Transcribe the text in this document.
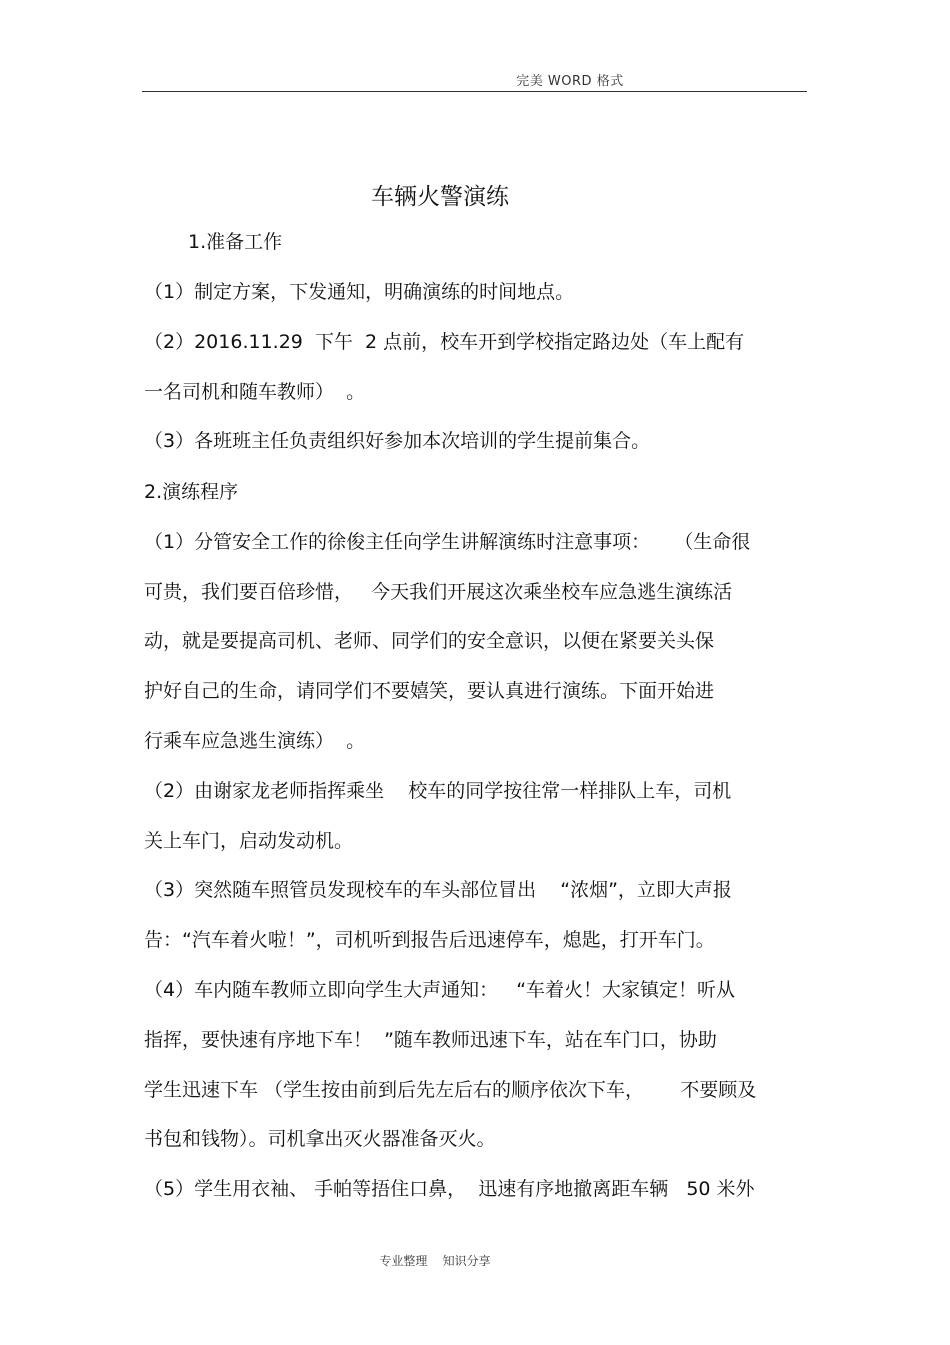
完美 WORD 格式
车辆火警演练
1.准备工作
（1）制定方案，下发通知，明确演练的时间地点。
（2）2016.11.29  下午  2 点前，校车开到学校指定路边处（车上配有
一名司机和随车教师）  。
（3）各班班主任负责组织好参加本次培训的学生提前集合。
2.演练程序
（1）分管安全工作的徐俊主任向学生讲解演练时注意事项：    （生命很
可贵，我们要百倍珍惜，   今天我们开展这次乘坐校车应急逃生演练活
动，就是要提高司机、老师、同学们的安全意识，以便在紧要关头保
护好自己的生命，请同学们不要嬉笑，要认真进行演练。下面开始进
行乘车应急逃生演练）  。
（2）由谢家龙老师指挥乘坐    校车的同学按往常一样排队上车，司机
关上车门，启动发动机。
（3）突然随车照管员发现校车的车头部位冒出    “浓烟”，立即大声报
告：“汽车着火啦！”，司机听到报告后迅速停车，熄匙，打开车门。
（4）车内随车教师立即向学生大声通知：   “车着火！大家镇定！听从
指挥，要快速有序地下车！  ”随车教师迅速下车，站在车门口，协助
学生迅速下车 （学生按由前到后先左后右的顺序依次下车，      不要顾及
书包和钱物）。司机拿出灭火器准备灭火。
（5）学生用衣袖、 手帕等捂住口鼻，  迅速有序地撤离距车辆   50 米外
专业整理    知识分享
